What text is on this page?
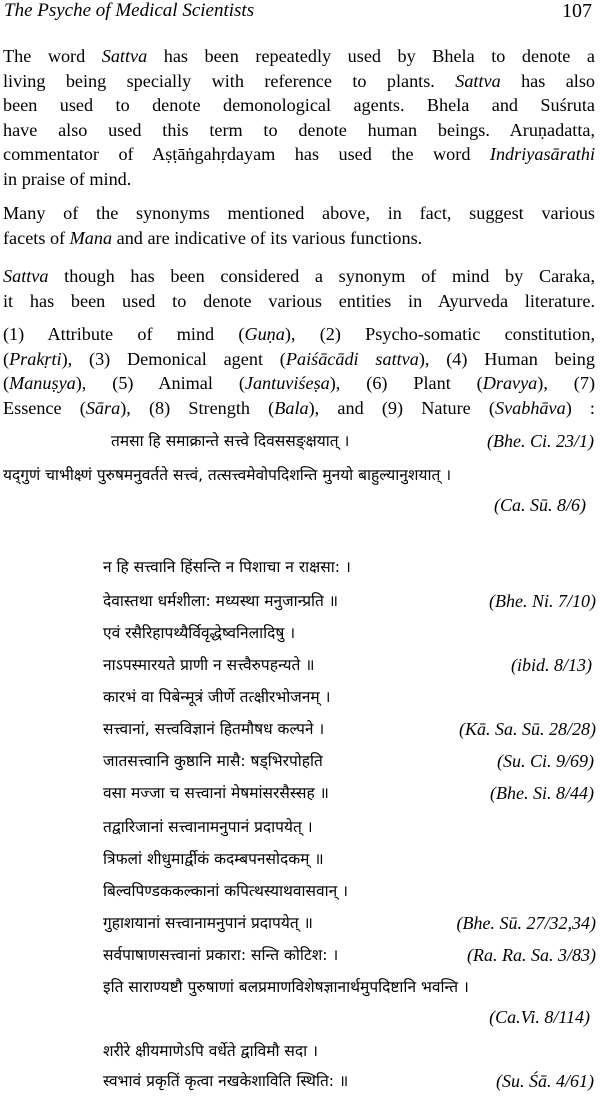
The Psyche of Medical Scientists	107
The word Sattva has been repeatedly used by Bhela to denote a
living being specially with reference to plants. Sattva has also
been used to denote demonological agents. Bhela and Suśruta
have also used this term to denote human beings. Aruṇadatta,
commentator of Aṣṭāṅgahṛdayam has used the word Indriyasārathi
in praise of mind.
Many of the synonyms mentioned above, in fact, suggest various
facets of Mana and are indicative of its various functions.
Sattva though has been considered a synonym of mind by Caraka,
it has been used to denote various entities in Ayurveda literature.
(1) Attribute of mind (Guṇa), (2) Psycho-somatic constitution,
(Prakṛti), (3) Demonical agent (Paiśācādi sattva), (4) Human being
(Manuṣya), (5) Animal (Jantuviśeṣa), (6) Plant (Dravya), (7)
Essence (Sāra), (8) Strength (Bala), and (9) Nature (Svabhāva) :
तमसा हि समाक्रान्ते सत्त्वे दिवससङ्क्षयात् ।	(Bhe. Ci. 23/1)
यद्‌गुणं चाभीक्ष्णं पुरुषमनुवर्तते सत्त्वं, तत्सत्त्वमेवोपदिशन्ति मुनयो बाहुल्यानुशयात् ।
(Ca. Sū. 8/6)
न हि सत्त्वानि हिंसन्ति न पिशाचा न राक्षसा: ।
देवास्तथा धर्मशीला: मध्यस्था मनुजान्प्रति ॥	(Bhe. Ni. 7/10)
एवं रसैरिहापथ्यैर्विवृद्धेष्वनिलादिषु ।
नाऽपस्मारयते प्राणी न सत्त्वैरुपहन्यते ॥	(ibid. 8/13)
कारभं वा पिबेन्मूत्रं जीर्णे तत्क्षीरभोजनम् ।
सत्त्वानां, सत्त्वविज्ञानं हितमौषध कल्पने ।	(Kā. Sa. Sū. 28/28)
जातसत्त्वानि कुष्ठानि मासै: षड्‌भिरपोहति	(Su. Ci. 9/69)
वसा मज्जा च सत्त्वानां मेषमांसरसैस्सह ॥	(Bhe. Si. 8/44)
तद्वारिजानां सत्त्वानामनुपानं प्रदापयेत् ।
त्रिफलां शीधुमार्द्वीकं कदम्बपनसोदकम् ॥
बिल्वपिण्डककल्कानां कपित्थस्याथवासवान् ।
गुहाशयानां सत्त्वानामनुपानं प्रदापयेत् ॥	(Bhe. Sū. 27/32,34)
सर्वपाषाणसत्त्वानां प्रकारा: सन्ति कोटिश: ।	(Ra. Ra. Sa. 3/83)
इति साराण्यष्टौ पुरुषाणां बलप्रमाणविशेषज्ञानार्थमुपदिष्टानि भवन्ति ।
(Ca.Vi. 8/114)
शरीरे क्षीयमाणेऽपि वर्धेते द्वाविमौ सदा ।
स्वभावं प्रकृतिं कृत्वा नखकेशाविति स्थिति: ॥	(Su. Śā. 4/61)
